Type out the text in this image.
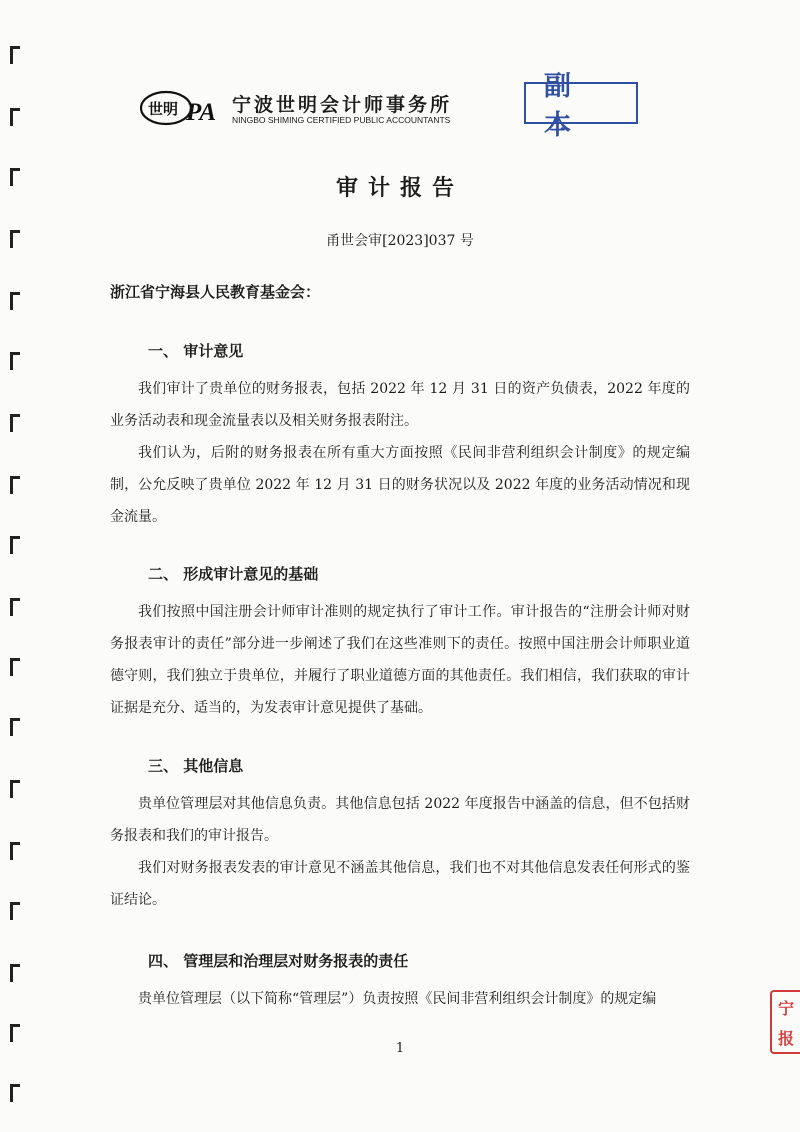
世明 PA 宁波世明会计师事务所
NINGBO SHIMING CERTIFIED PUBLIC ACCOUNTANTS
副本
审计报告
甬世会审[2023]037 号
浙江省宁海县人民教育基金会：
一、 审计意见

我们审计了贵单位的财务报表，包括 2022 年 12 月 31 日的资产负债表，2022 年度的业务活动表和现金流量表以及相关财务报表附注。

我们认为，后附的财务报表在所有重大方面按照《民间非营利组织会计制度》的规定编制，公允反映了贵单位 2022 年 12 月 31 日的财务状况以及 2022 年度的业务活动情况和现金流量。

二、 形成审计意见的基础

我们按照中国注册会计师审计准则的规定执行了审计工作。审计报告的“注册会计师对财务报表审计的责任”部分进一步阐述了我们在这些准则下的责任。按照中国注册会计师职业道德守则，我们独立于贵单位，并履行了职业道德方面的其他责任。我们相信，我们获取的审计证据是充分、适当的，为发表审计意见提供了基础。

三、 其他信息

贵单位管理层对其他信息负责。其他信息包括 2022 年度报告中涵盖的信息，但不包括财务报表和我们的审计报告。

我们对财务报表发表的审计意见不涵盖其他信息，我们也不对其他信息发表任何形式的鉴证结论。

四、 管理层和治理层对财务报表的责任

贵单位管理层（以下简称“管理层”）负责按照《民间非营利组织会计制度》的规定编

1
宁
报
